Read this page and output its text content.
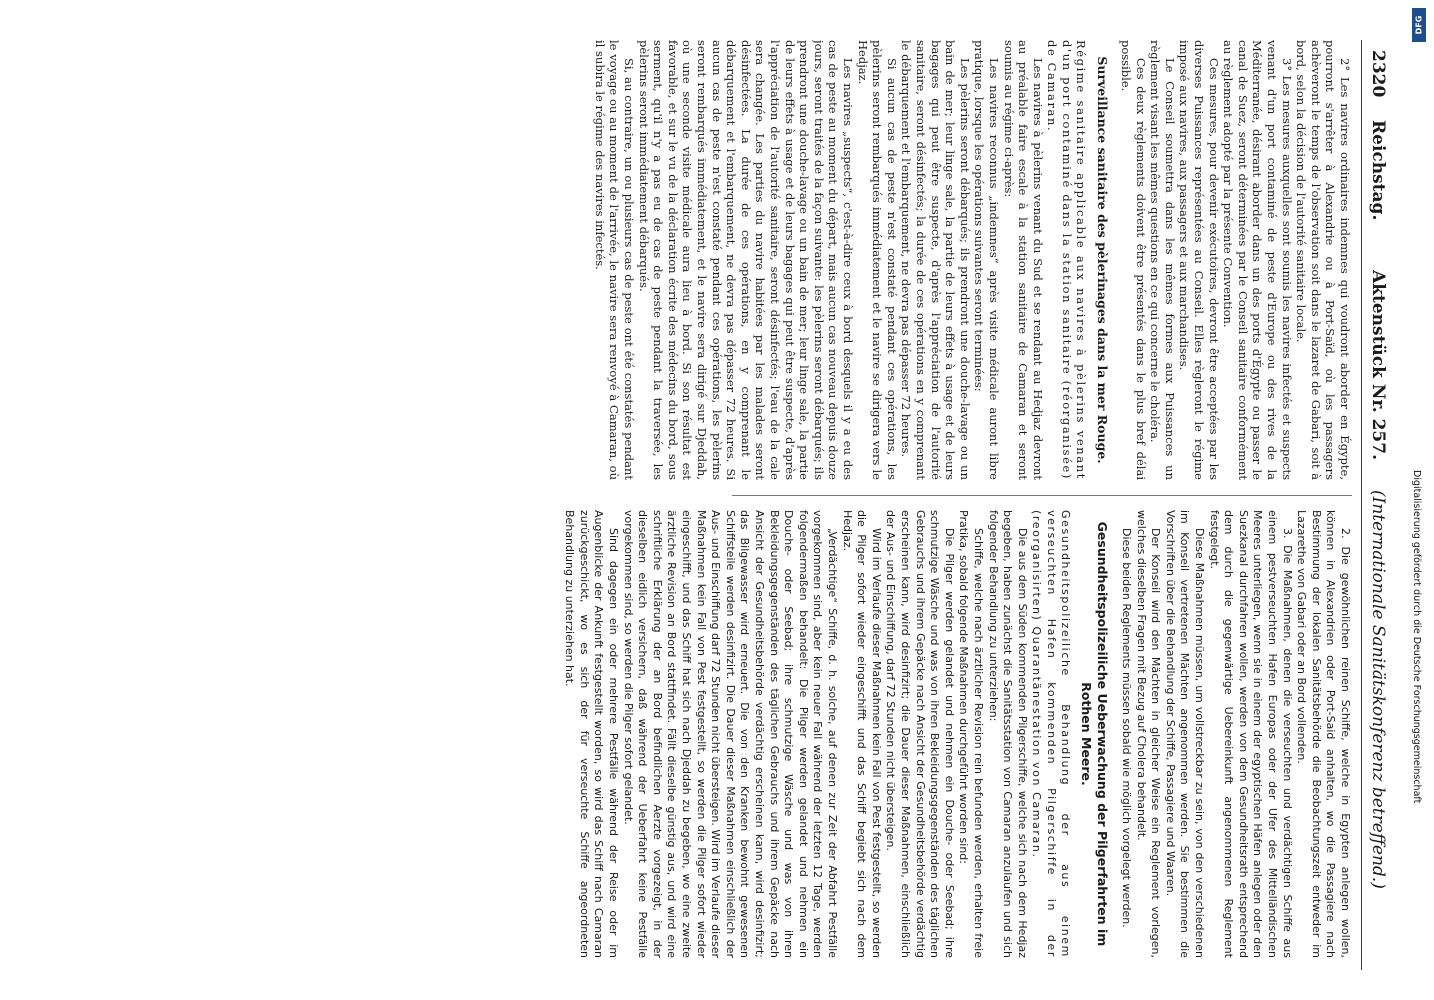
2320
Reichstag.
Aktenstück Nr. 257.
(Internationale Sanitätskonferenz betreffend.)

2° Les navires ordinaires indemnes qui voudront aborder en Égypte, pourront s'arrêter à Alexandrie ou à Port-Saïd, où les passagers achèveront le temps de l'observation soit dans le lazaret de Gabari, soit à bord, selon la décision de l'autorité sanitaire locale.

3° Les mesures auxquelles sont soumis les navires infectés et suspects venant d'un port contaminé de peste d'Europe ou des rives de la Méditerranée, désirant aborder dans un des ports d'Égypte ou passer le canal de Suez, seront déterminées par le Conseil sanitaire conformément au règlement adopté par la présente Convention.

Ces mesures, pour devenir exécutoires, devront être acceptées par les diverses Puissances représentées au Conseil. Elles règleront le régime imposé aux navires, aux passagers et aux marchandises.

Le Conseil soumettra dans les mêmes formes aux Puissances un règlement visant les mêmes questions en ce qui concerne le choléra.

Ces deux règlements doivent être présentés dans le plus bref délai possible.

Surveillance sanitaire des pèlerinages dans la mer Rouge.

Régime sanitaire applicable aux navires à pèlerins venant d'un port contaminé dans la station sanitaire (réorganisée) de Camaran.

Les navires à pèlerins venant du Sud et se rendant au Hedjaz devront au préalable faire escale à la station sanitaire de Camaran et seront soumis au régime ci-après:

Les navires reconnus „indemnes“ après visite médicale auront libre pratique, lorsque les opérations suivantes seront terminées:

Les pèlerins seront débarqués; ils prendront une douche-lavage ou un bain de mer; leur linge sale, la partie de leurs effets à usage et de leurs bagages qui peut être suspecte, d'après l'appréciation de l'autorité sanitaire, seront désinfectés; la durée de ces opérations en y comprenant le débarquement et l'embarquement, ne devra pas dépasser 72 heures.

Si aucun cas de peste n'est constaté pendant ces opérations, les pèlerins seront rembarqués immédiatement et le navire se dirigera vers le Hedjaz.

Les navires „suspects“, c'est-à-dire ceux à bord desquels il y a eu des cas de peste au moment du départ, mais aucun cas nouveau depuis douze jours, seront traités de la façon suivante: les pèlerins seront débarqués; ils prendront une douche-lavage ou un bain de mer; leur linge sale, la partie de leurs effets à usage et de leurs bagages qui peut être suspecte, d'après l'appréciation de l'autorité sanitaire, seront désinfectés; l'eau de la cale sera changée. Les parties du navire habitées par les malades seront désinfectées. La durée de ces opérations, en y comprenant le débarquement et l'embarquement, ne devra pas dépasser 72 heures. Si aucun cas de peste n'est constaté pendant ces opérations, les pèlerins seront rembarqués immédiatement, et le navire sera dirigé sur Djeddah, où une seconde visite médicale aura lieu à bord. Si son résultat est favorable, et sur le vu de la déclaration écrite des médecins du bord, sous serment, qu'il n'y a pas eu de cas de peste pendant la traversée, les pèlerins seront immédiatement débarqués.

Si, au contraire, un ou plusieurs cas de peste ont été constatés pendant le voyage ou au moment de l'arrivée, le navire sera renvoyé à Camaran, où il subira le régime des navires infectés.

2. Die gewöhnlichen reinen Schiffe, welche in Egypten anlegen wollen, können in Alexandrien oder Port-Said anhalten, wo die Passagiere nach Bestimmung der lokalen Sanitätsbehörde die Beobachtungszeit entweder im Lazarethe von Gabari oder an Bord vollenden.

3. Die Maßnahmen, denen die verseuchten und verdächtigen Schiffe aus einem pestverseuchten Hafen Europas oder der Ufer des Mittelländischen Meeres unterliegen, wenn sie in einem der egyptischen Häfen anlegen oder den Suezkanal durchfahren wollen, werden von dem Gesundheitsrath entsprechend dem durch die gegenwärtige Uebereinkunft angenommenen Reglement festgelegt.

Diese Maßnahmen müssen, um vollstreckbar zu sein, von den verschiedenen im Konseil vertretenen Mächten angenommen werden. Sie bestimmen die Vorschriften über die Behandlung der Schiffe, Passagiere und Waaren.

Der Konseil wird den Mächten in gleicher Weise ein Reglement vorlegen, welches dieselben Fragen mit Bezug auf Cholera behandelt.

Diese beiden Reglements müssen sobald wie möglich vorgelegt werden.

Gesundheitspolizeiliche Ueberwachung der Pilgerfahrten im Rothen Meere.

Gesundheitspolizeiliche Behandlung der aus einem verseuchten Hafen kommenden Pilgerschiffe in der (reorganisirten) Quarantänestation von Camaran.

Die aus dem Süden kommenden Pilgerschiffe, welche sich nach dem Hedjaz begeben, haben zunächst die Sanitätsstation von Camaran anzulaufen und sich folgender Behandlung zu unterziehen:

Schiffe, welche nach ärztlicher Revision rein befunden werden, erhalten freie Pratika, sobald folgende Maßnahmen durchgeführt worden sind:

Die Pilger werden gelandet und nehmen ein Douche- oder Seebad; ihre schmutzige Wäsche und was von ihren Bekleidungsgegenständen des täglichen Gebrauchs und ihrem Gepäcke nach Ansicht der Gesundheitsbehörde verdächtig erscheinen kann, wird desinfizirt; die Dauer dieser Maßnahmen, einschließlich der Aus- und Einschiffung, darf 72 Stunden nicht übersteigen.

Wird im Verlaufe dieser Maßnahmen kein Fall von Pest festgestellt, so werden die Pilger sofort wieder eingeschifft und das Schiff begiebt sich nach dem Hedjaz.

„Verdächtige“ Schiffe, d. h. solche, auf denen zur Zeit der Abfahrt Pestfälle vorgekommen sind, aber kein neuer Fall während der letzten 12 Tage, werden folgendermaßen behandelt: Die Pilger werden gelandet und nehmen ein Douche- oder Seebad; ihre schmutzige Wäsche und was von ihren Bekleidungsgegenständen des täglichen Gebrauchs und ihrem Gepäcke nach Ansicht der Gesundheitsbehörde verdächtig erscheinen kann, wird desinfizirt; das Bilgewasser wird erneuert. Die von den Kranken bewohnt gewesenen Schiffsteile werden desinfizirt. Die Dauer dieser Maßnahmen einschließlich der Aus- und Einschiffung darf 72 Stunden nicht übersteigen. Wird im Verlaufe dieser Maßnahmen kein Fall von Pest festgestellt, so werden die Pilger sofort wieder eingeschifft, und das Schiff hat sich nach Djeddah zu begeben, wo eine zweite ärztliche Revision an Bord stattfindet. Fällt dieselbe günstig aus, und wird eine schriftliche Erklärung der an Bord befindlichen Aerzte vorgezeigt, in der dieselben eidlich versichern, daß während der Ueberfahrt keine Pestfälle vorgekommen sind, so werden die Pilger sofort gelandet.

Sind dagegen ein oder mehrere Pestfälle während der Reise oder im Augenblicke der Ankunft festgestellt worden, so wird das Schiff nach Camaran zurückgeschickt, wo es sich der für verseuchte Schiffe angeordneten Behandlung zu unterziehen hat.

DFG
Digitalisierung gefördert durch die Deutsche Forschungsgemeinschaft
